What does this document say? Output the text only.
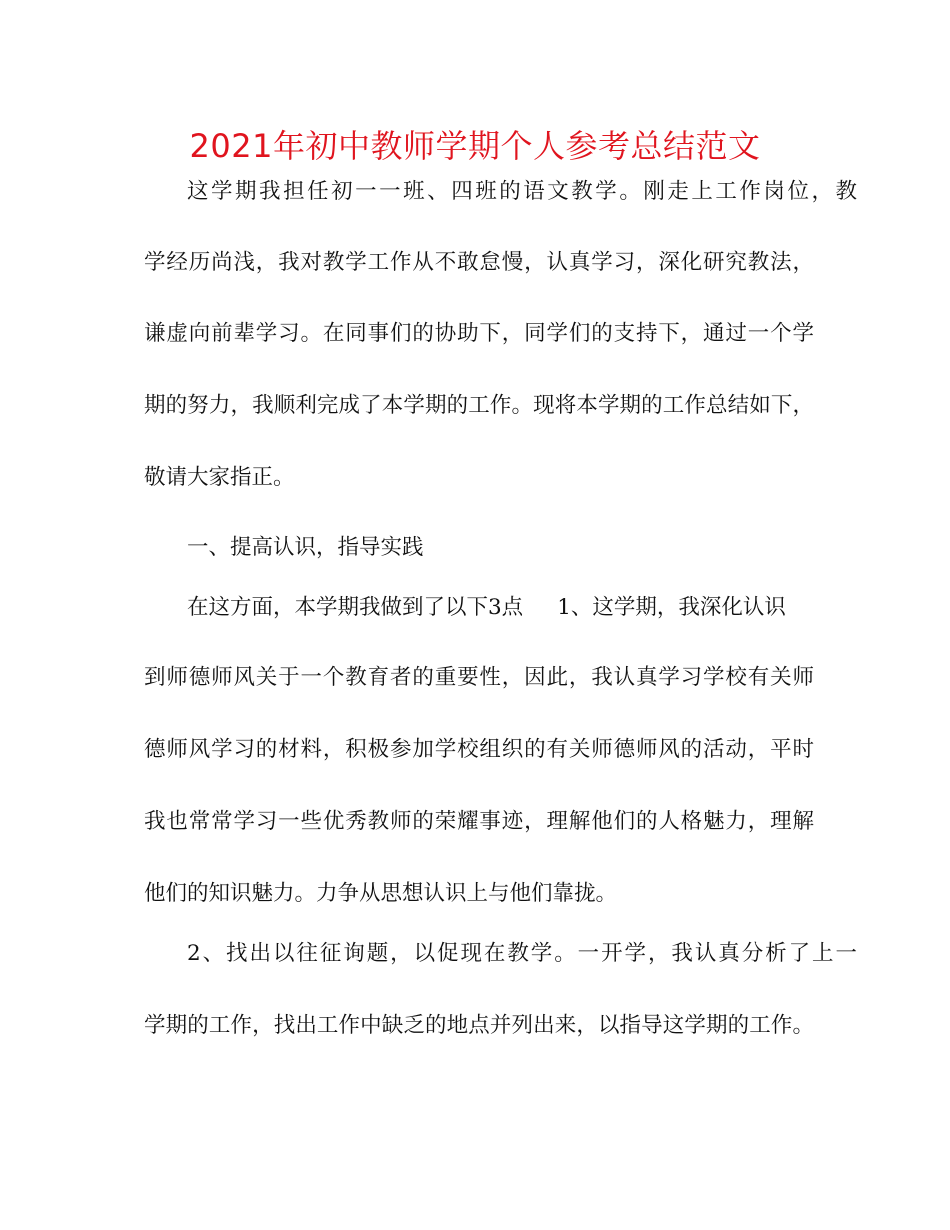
2021年初中教师学期个人参考总结范文

这学期我担任初一一班、四班的语文教学。刚走上工作岗位，教

学经历尚浅，我对教学工作从不敢怠慢，认真学习，深化研究教法，

谦虚向前辈学习。在同事们的协助下，同学们的支持下，通过一个学

期的努力，我顺利完成了本学期的工作。现将本学期的工作总结如下，

敬请大家指正。

一、提高认识，指导实践

在这方面，本学期我做到了以下3点 1、这学期，我深化认识

到师德师风关于一个教育者的重要性，因此，我认真学习学校有关师

德师风学习的材料，积极参加学校组织的有关师德师风的活动，平时

我也常常学习一些优秀教师的荣耀事迹，理解他们的人格魅力，理解

他们的知识魅力。力争从思想认识上与他们靠拢。

2、找出以往征询题，以促现在教学。一开学，我认真分析了上一

学期的工作，找出工作中缺乏的地点并列出来，以指导这学期的工作。
